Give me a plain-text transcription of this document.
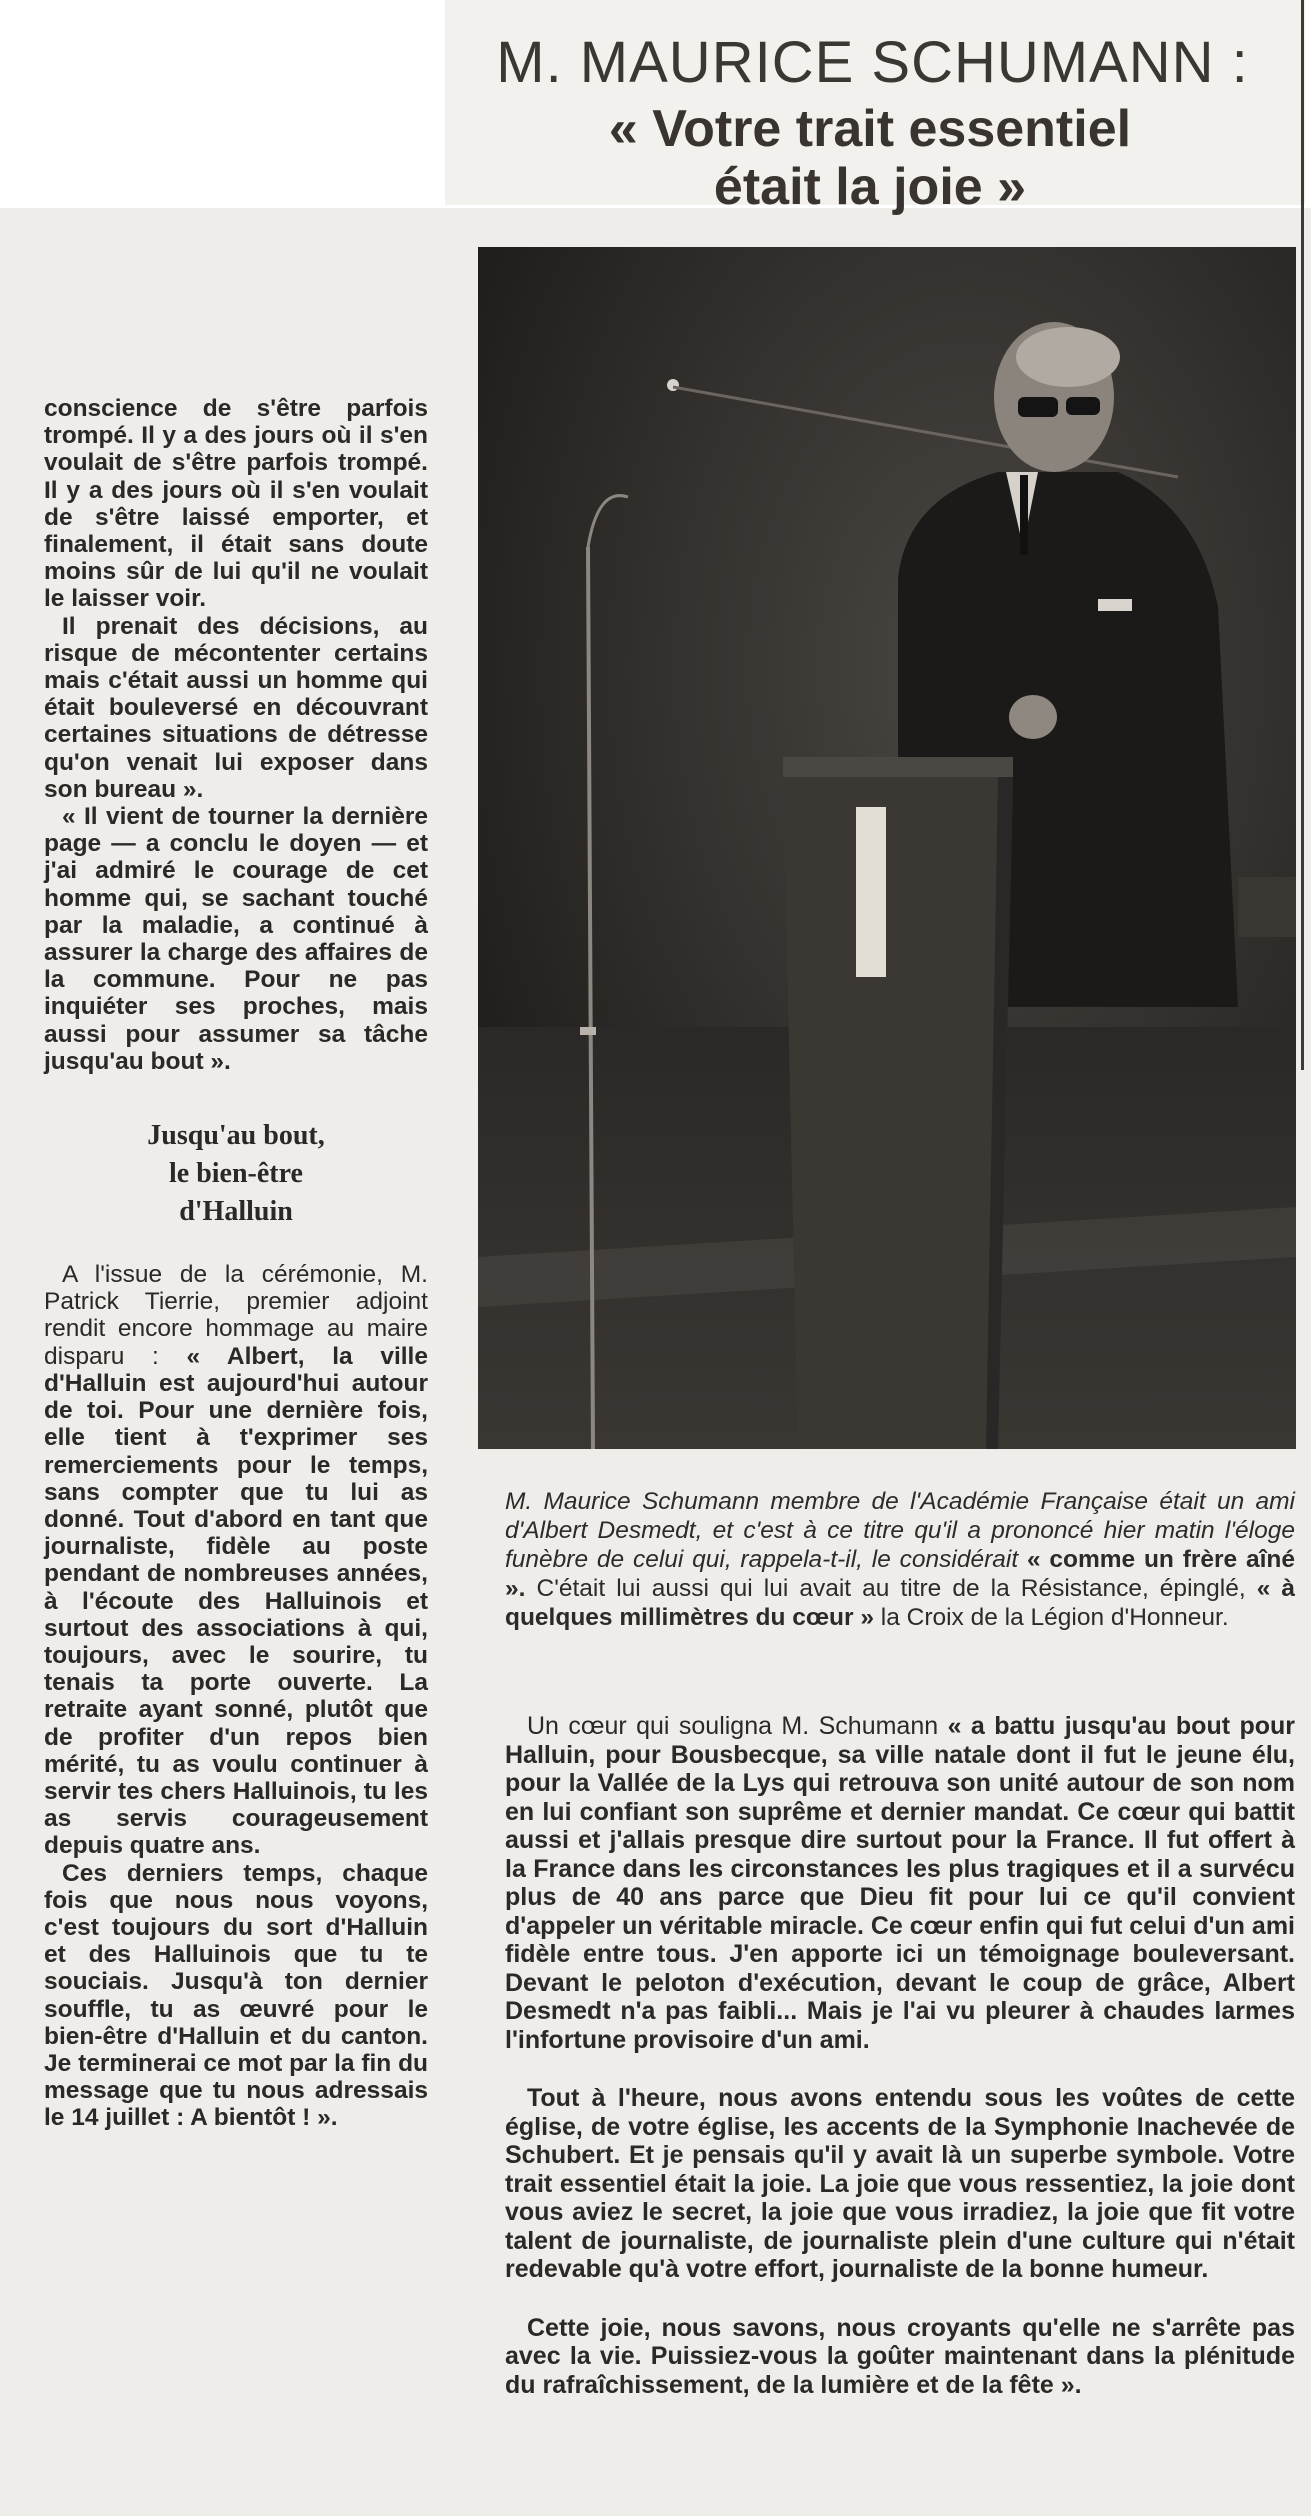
M. MAURICE SCHUMANN :
« Votre trait essentiel
était la joie »

conscience de s'être parfois trompé. Il y a des jours où il s'en voulait de s'être parfois trompé. Il y a des jours où il s'en voulait de s'être laissé emporter, et finalement, il était sans doute moins sûr de lui qu'il ne voulait le laisser voir.

Il prenait des décisions, au risque de mécontenter certains mais c'était aussi un homme qui était bouleversé en découvrant certaines situations de détresse qu'on venait lui exposer dans son bureau ».

« Il vient de tourner la dernière page — a conclu le doyen — et j'ai admiré le courage de cet homme qui, se sachant touché par la maladie, a continué à assurer la charge des affaires de la commune. Pour ne pas inquiéter ses proches, mais aussi pour assumer sa tâche jusqu'au bout ».

Jusqu'au bout,
le bien-être
d'Halluin

A l'issue de la cérémonie, M. Patrick Tierrie, premier adjoint rendit encore hommage au maire disparu : « Albert, la ville d'Halluin est aujourd'hui autour de toi. Pour une dernière fois, elle tient à t'exprimer ses remerciements pour le temps, sans compter que tu lui as donné. Tout d'abord en tant que journaliste, fidèle au poste pendant de nombreuses années, à l'écoute des Halluinois et surtout des associations à qui, toujours, avec le sourire, tu tenais ta porte ouverte. La retraite ayant sonné, plutôt que de profiter d'un repos bien mérité, tu as voulu continuer à servir tes chers Halluinois, tu les as servis courageusement depuis quatre ans.

Ces derniers temps, chaque fois que nous nous voyons, c'est toujours du sort d'Halluin et des Halluinois que tu te souciais. Jusqu'à ton dernier souffle, tu as œuvré pour le bien-être d'Halluin et du canton. Je terminerai ce mot par la fin du message que tu nous adressais le 14 juillet : A bientôt ! ».

M. Maurice Schumann membre de l'Académie Française était un ami d'Albert Desmedt, et c'est à ce titre qu'il a prononcé hier matin l'éloge funèbre de celui qui, rappela-t-il, le considérait « comme un frère aîné ». C'était lui aussi qui lui avait au titre de la Résistance, épinglé, « à quelques millimètres du cœur » la Croix de la Légion d'Honneur.

Un cœur qui souligna M. Schumann « a battu jusqu'au bout pour Halluin, pour Bousbecque, sa ville natale dont il fut le jeune élu, pour la Vallée de la Lys qui retrouva son unité autour de son nom en lui confiant son suprême et dernier mandat. Ce cœur qui battit aussi et j'allais presque dire surtout pour la France. Il fut offert à la France dans les circonstances les plus tragiques et il a survécu plus de 40 ans parce que Dieu fit pour lui ce qu'il convient d'appeler un véritable miracle. Ce cœur enfin qui fut celui d'un ami fidèle entre tous. J'en apporte ici un témoignage bouleversant. Devant le peloton d'exécution, devant le coup de grâce, Albert Desmedt n'a pas faibli... Mais je l'ai vu pleurer à chaudes larmes l'infortune provisoire d'un ami.

Tout à l'heure, nous avons entendu sous les voûtes de cette église, de votre église, les accents de la Symphonie Inachevée de Schubert. Et je pensais qu'il y avait là un superbe symbole. Votre trait essentiel était la joie. La joie que vous ressentiez, la joie dont vous aviez le secret, la joie que vous irradiez, la joie que fit votre talent de journaliste, de journaliste plein d'une culture qui n'était redevable qu'à votre effort, journaliste de la bonne humeur.

Cette joie, nous savons, nous croyants qu'elle ne s'arrête pas avec la vie. Puissiez-vous la goûter maintenant dans la plénitude du rafraîchissement, de la lumière et de la fête ».
